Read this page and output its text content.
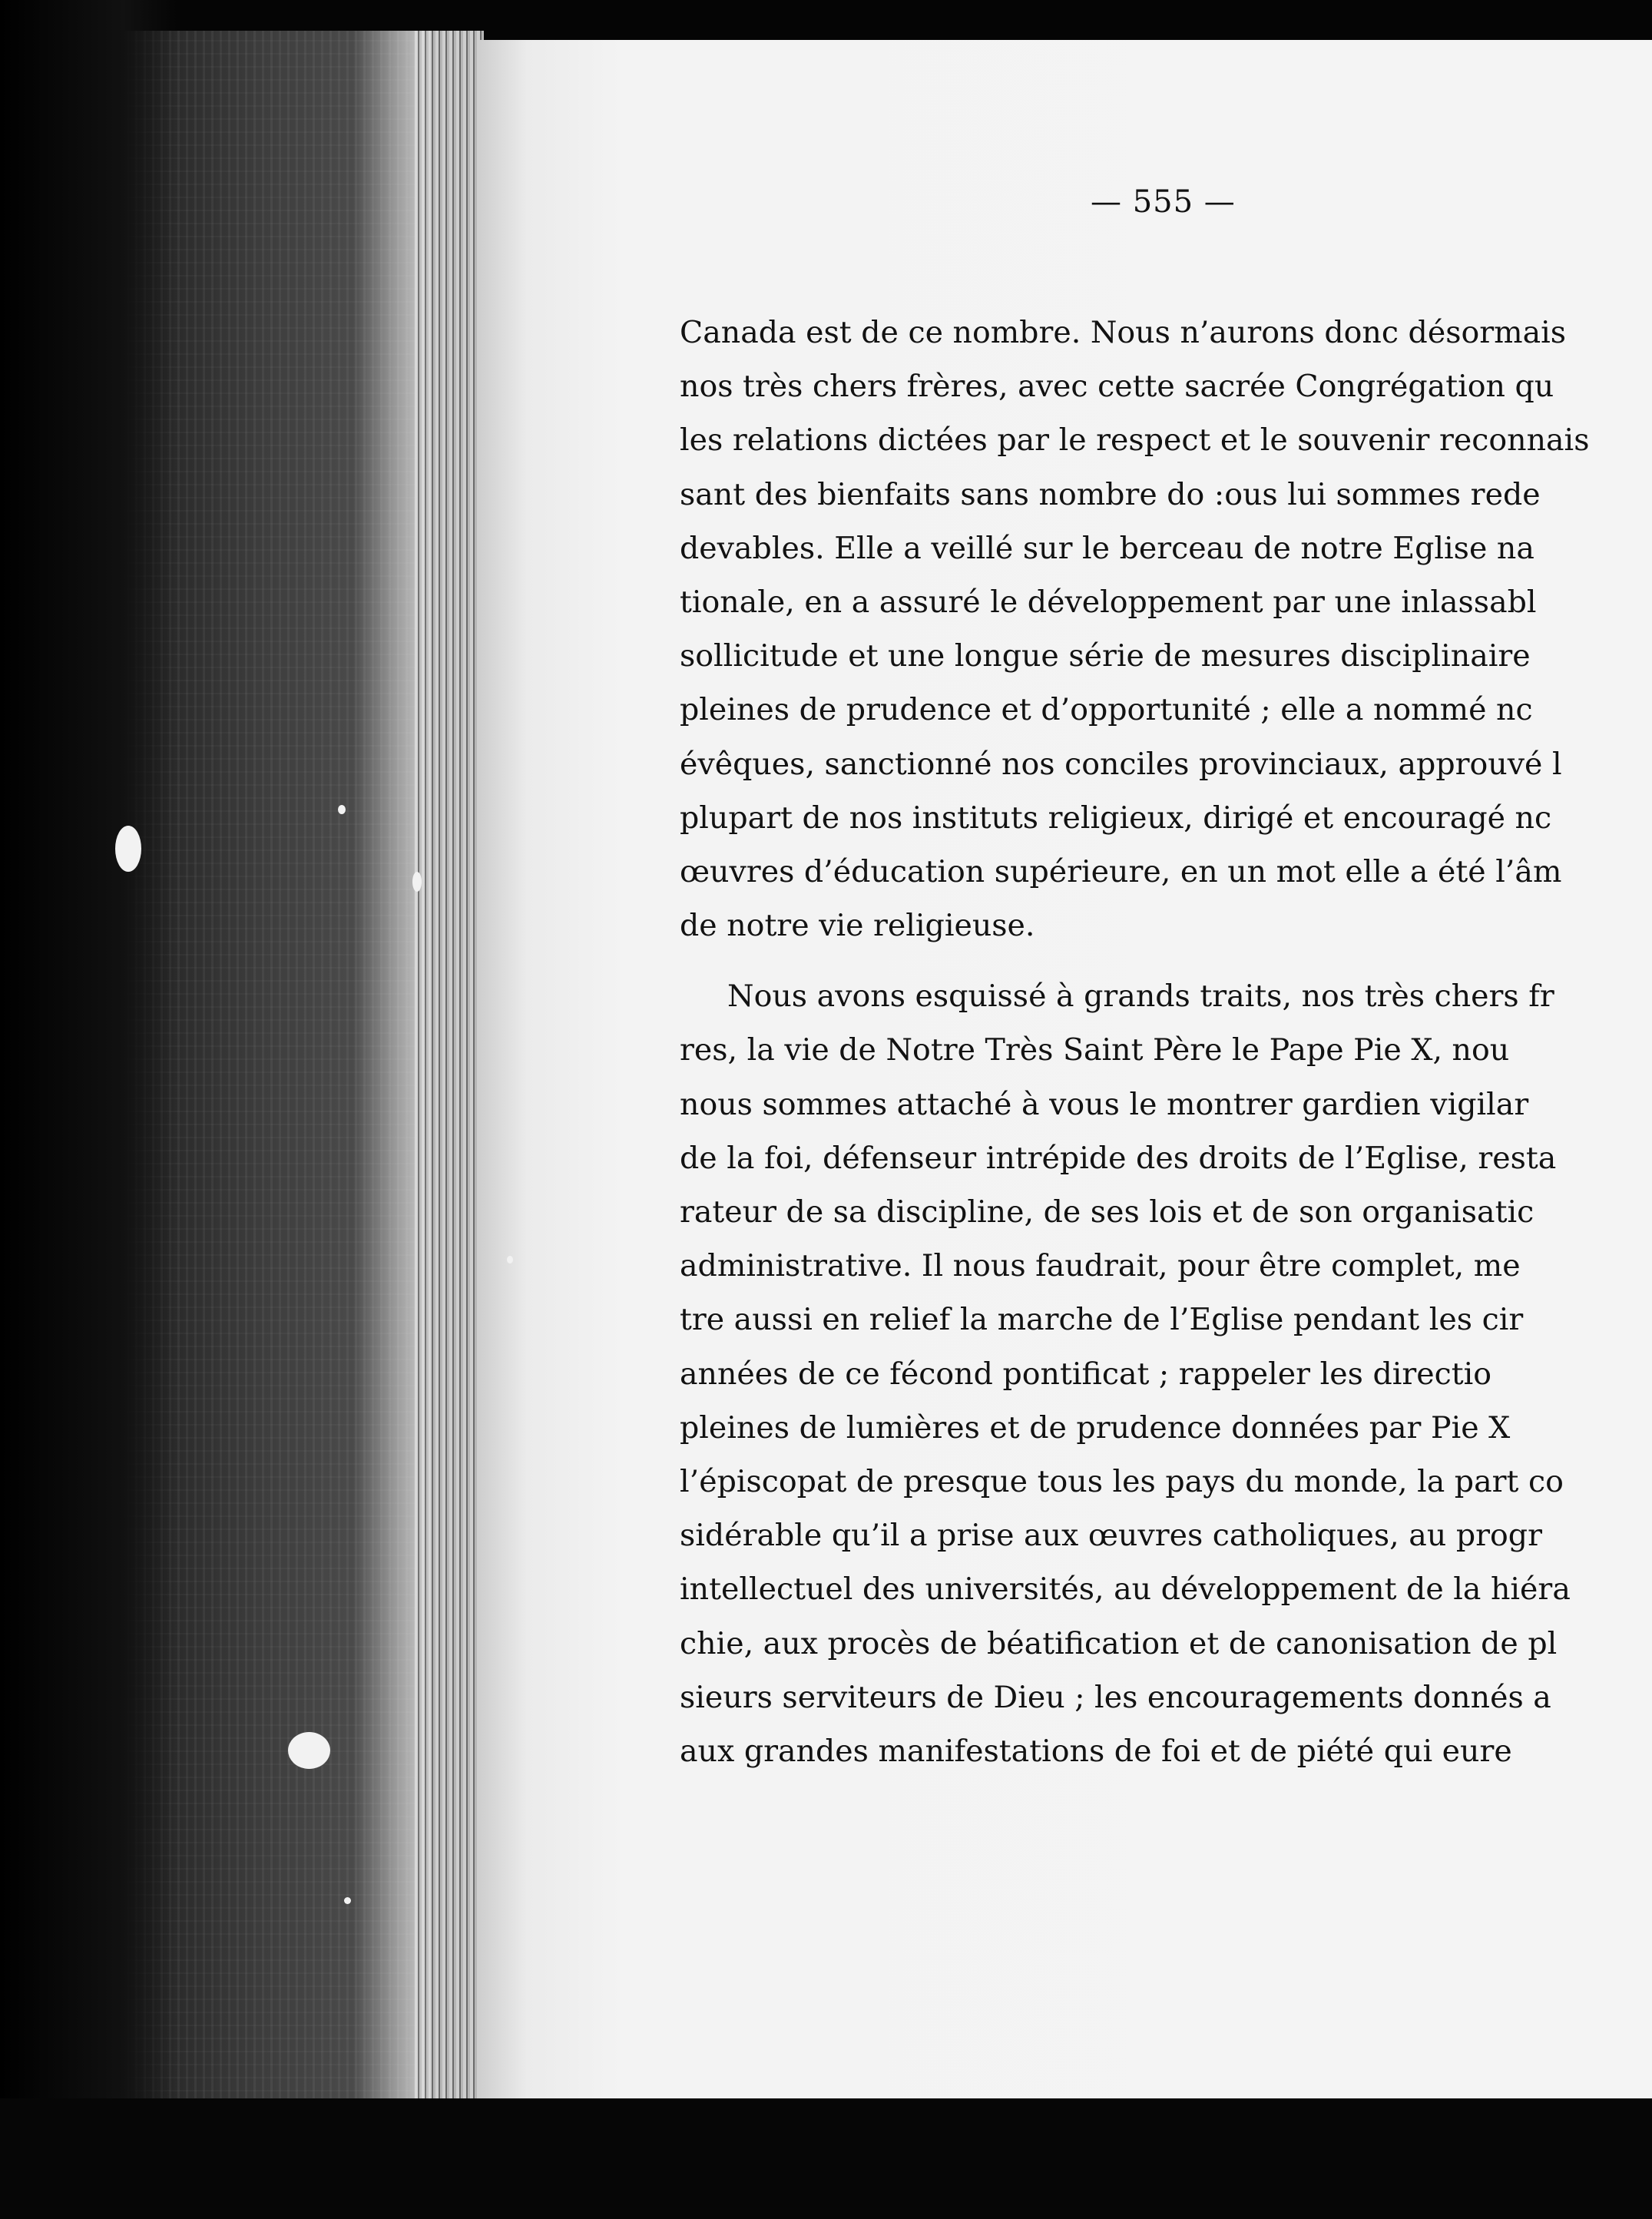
— 555 —
Canada est de ce nombre. Nous n’aurons donc désormais
nos très chers frères, avec cette sacrée Congrégation qu
les relations dictées par le respect et le souvenir reconnais
sant des bienfaits sans nombre do :ous lui sommes rede
devables. Elle a veillé sur le berceau de notre Eglise na
tionale, en a assuré le développement par une inlassabl
sollicitude et une longue série de mesures disciplinaire
pleines de prudence et d’opportunité ; elle a nommé nc
évêques, sanctionné nos conciles provinciaux, approuvé l
plupart de nos instituts religieux, dirigé et encouragé nc
œuvres d’éducation supérieure, en un mot elle a été l’âm
de notre vie religieuse.
Nous avons esquissé à grands traits, nos très chers fr
res, la vie de Notre Très Saint Père le Pape Pie X, nou
nous sommes attaché à vous le montrer gardien vigilar
de la foi, défenseur intrépide des droits de l’Eglise, resta
rateur de sa discipline, de ses lois et de son organisatic
administrative. Il nous faudrait, pour être complet, me
tre aussi en relief la marche de l’Eglise pendant les cir
années de ce fécond pontificat ; rappeler les directio
pleines de lumières et de prudence données par Pie X
l’épiscopat de presque tous les pays du monde, la part co
sidérable qu’il a prise aux œuvres catholiques, au progr
intellectuel des universités, au développement de la hiéra
chie, aux procès de béatification et de canonisation de pl
sieurs serviteurs de Dieu ; les encouragements donnés a
aux grandes manifestations de foi et de piété qui eure
